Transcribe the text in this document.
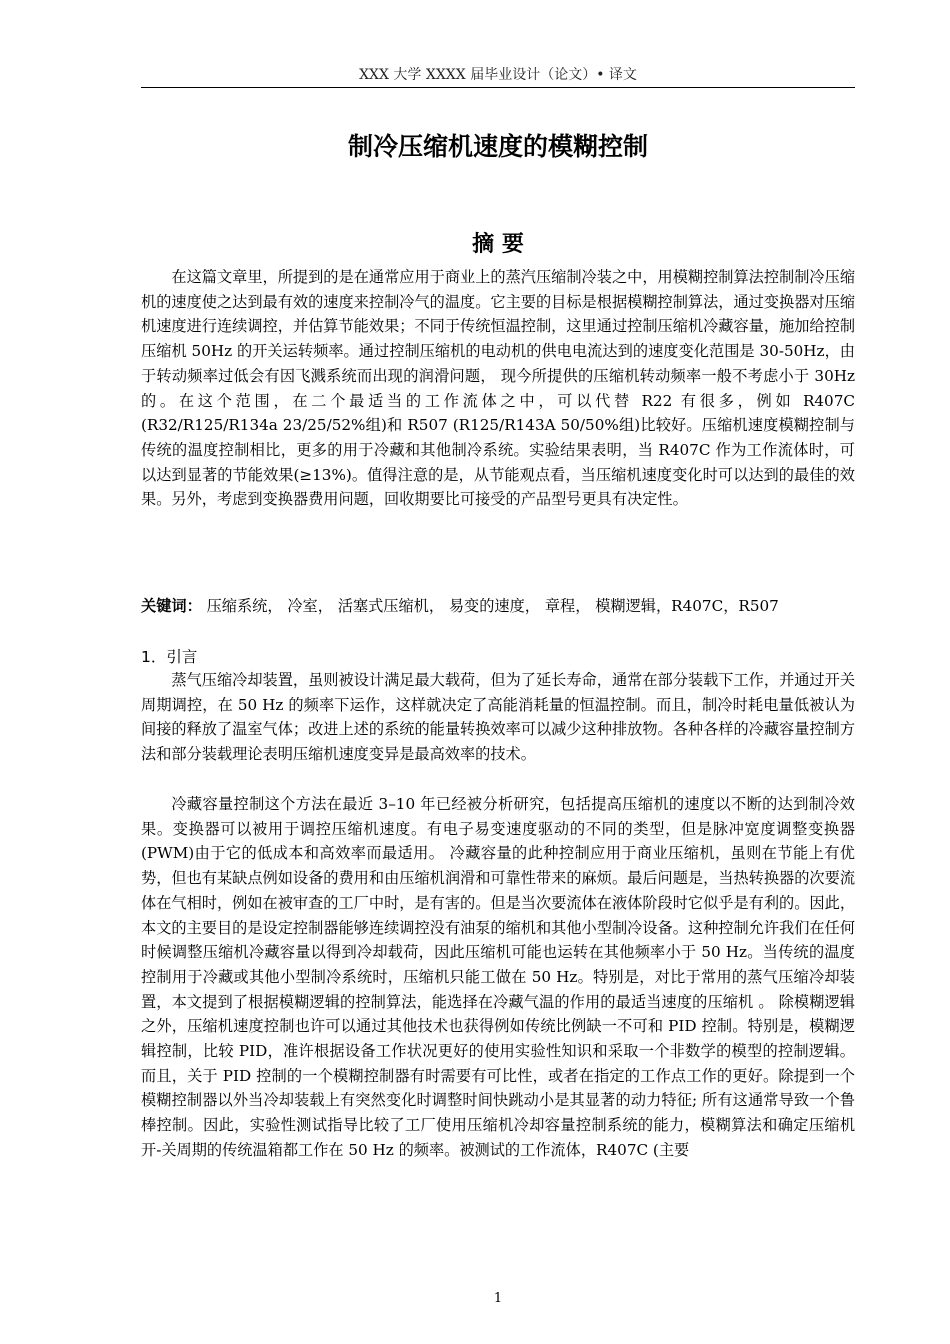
XXX 大学 XXXX 届毕业设计（论文）• 译文
制冷压缩机速度的模糊控制
摘 要

在这篇文章里，所提到的是在通常应用于商业上的蒸汽压缩制冷装之中，用模糊控制算法控制制冷压缩机的速度使之达到最有效的速度来控制冷气的温度。它主要的目标是根据模糊控制算法，通过变换器对压缩机速度进行连续调控，并估算节能效果；不同于传统恒温控制，这里通过控制压缩机冷藏容量，施加给控制压缩机 50Hz 的开关运转频率。通过控制压缩机的电动机的供电电流达到的速度变化范围是 30-50Hz，由于转动频率过低会有因飞溅系统而出现的润滑问题， 现今所提供的压缩机转动频率一般不考虑小于 30Hz 的。在这个范围，在二个最适当的工作流体之中，可以代替 R22 有很多，例如 R407C (R32/R125/R134a 23/25/52%组)和 R507 (R125/R143A 50/50%组)比较好。压缩机速度模糊控制与传统的温度控制相比，更多的用于冷藏和其他制冷系统。实验结果表明，当 R407C 作为工作流体时，可以达到显著的节能效果(≥13%)。值得注意的是，从节能观点看，当压缩机速度变化时可以达到的最佳的效果。另外，考虑到变换器费用问题，回收期要比可接受的产品型号更具有决定性。

关键词： 压缩系统， 冷室， 活塞式压缩机， 易变的速度， 章程， 模糊逻辑，R407C，R507
1．引言

蒸气压缩冷却装置，虽则被设计满足最大载荷，但为了延长寿命，通常在部分装载下工作，并通过开关周期调控，在 50 Hz 的频率下运作，这样就决定了高能消耗量的恒温控制。而且，制冷时耗电量低被认为间接的释放了温室气体；改进上述的系统的能量转换效率可以减少这种排放物。各种各样的冷藏容量控制方法和部分装载理论表明压缩机速度变异是最高效率的技术。

冷藏容量控制这个方法在最近 3–10 年已经被分析研究，包括提高压缩机的速度以不断的达到制冷效果。变换器可以被用于调控压缩机速度。有电子易变速度驱动的不同的类型，但是脉冲宽度调整变换器(PWM)由于它的低成本和高效率而最适用。 冷藏容量的此种控制应用于商业压缩机，虽则在节能上有优势，但也有某缺点例如设备的费用和由压缩机润滑和可靠性带来的麻烦。最后问题是，当热转换器的次要流体在气相时，例如在被审查的工厂中时，是有害的。但是当次要流体在液体阶段时它似乎是有利的。因此，本文的主要目的是设定控制器能够连续调控没有油泵的缩机和其他小型制冷设备。这种控制允许我们在任何时候调整压缩机冷藏容量以得到冷却载荷，因此压缩机可能也运转在其他频率小于 50 Hz。当传统的温度控制用于冷藏或其他小型制冷系统时，压缩机只能工做在 50 Hz。特别是，对比于常用的蒸气压缩冷却装置，本文提到了根据模糊逻辑的控制算法，能选择在冷藏气温的作用的最适当速度的压缩机 。 除模糊逻辑之外，压缩机速度控制也许可以通过其他技术也获得例如传统比例缺一不可和 PID 控制。特别是，模糊逻辑控制，比较 PID，准许根据设备工作状况更好的使用实验性知识和采取一个非数学的模型的控制逻辑。而且，关于 PID 控制的一个模糊控制器有时需要有可比性，或者在指定的工作点工作的更好。除提到一个模糊控制器以外当冷却装载上有突然变化时调整时间快跳动小是其显著的动力特征; 所有这通常导致一个鲁棒控制。因此，实验性测试指导比较了工厂使用压缩机冷却容量控制系统的能力，模糊算法和确定压缩机开-关周期的传统温箱都工作在 50 Hz 的频率。被测试的工作流体，R407C (主要

1
